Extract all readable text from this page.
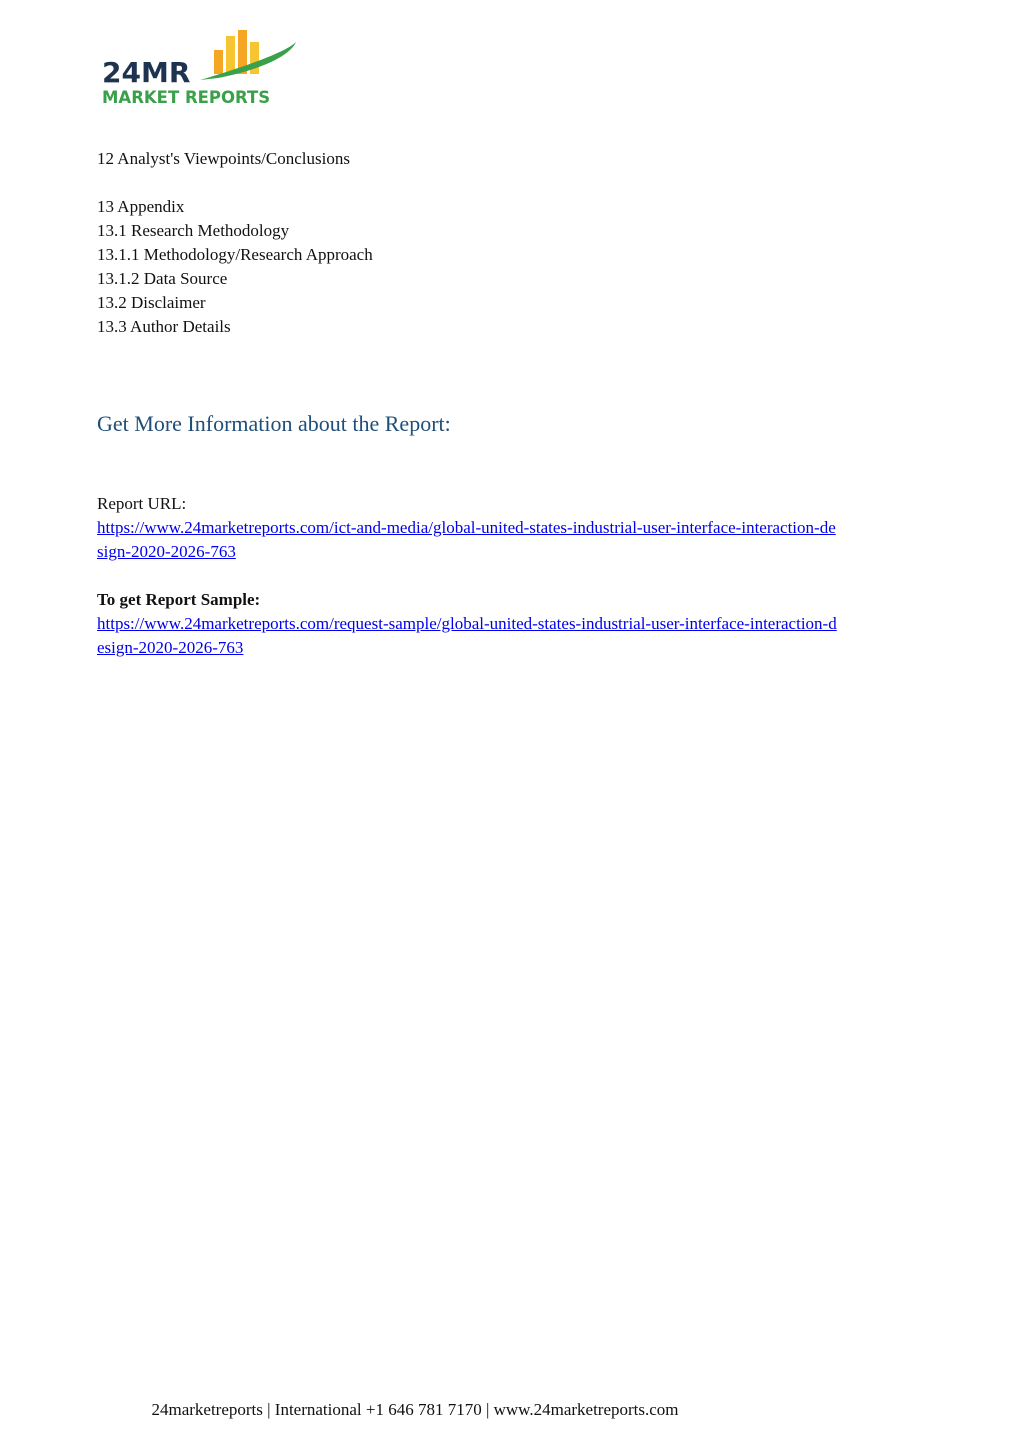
24MR
MARKET REPORTS
12 Analyst's Viewpoints/Conclusions
13 Appendix
13.1 Research Methodology
13.1.1 Methodology/Research Approach
13.1.2 Data Source
13.2 Disclaimer
13.3 Author Details
Get More Information about the Report:
Report URL:
https://www.24marketreports.com/ict-and-media/global-united-states-industrial-user-interface-interaction-de
sign-2020-2026-763
To get Report Sample:
https://www.24marketreports.com/request-sample/global-united-states-industrial-user-interface-interaction-d
esign-2020-2026-763
24marketreports | International +1 646 781 7170 | www.24marketreports.com
